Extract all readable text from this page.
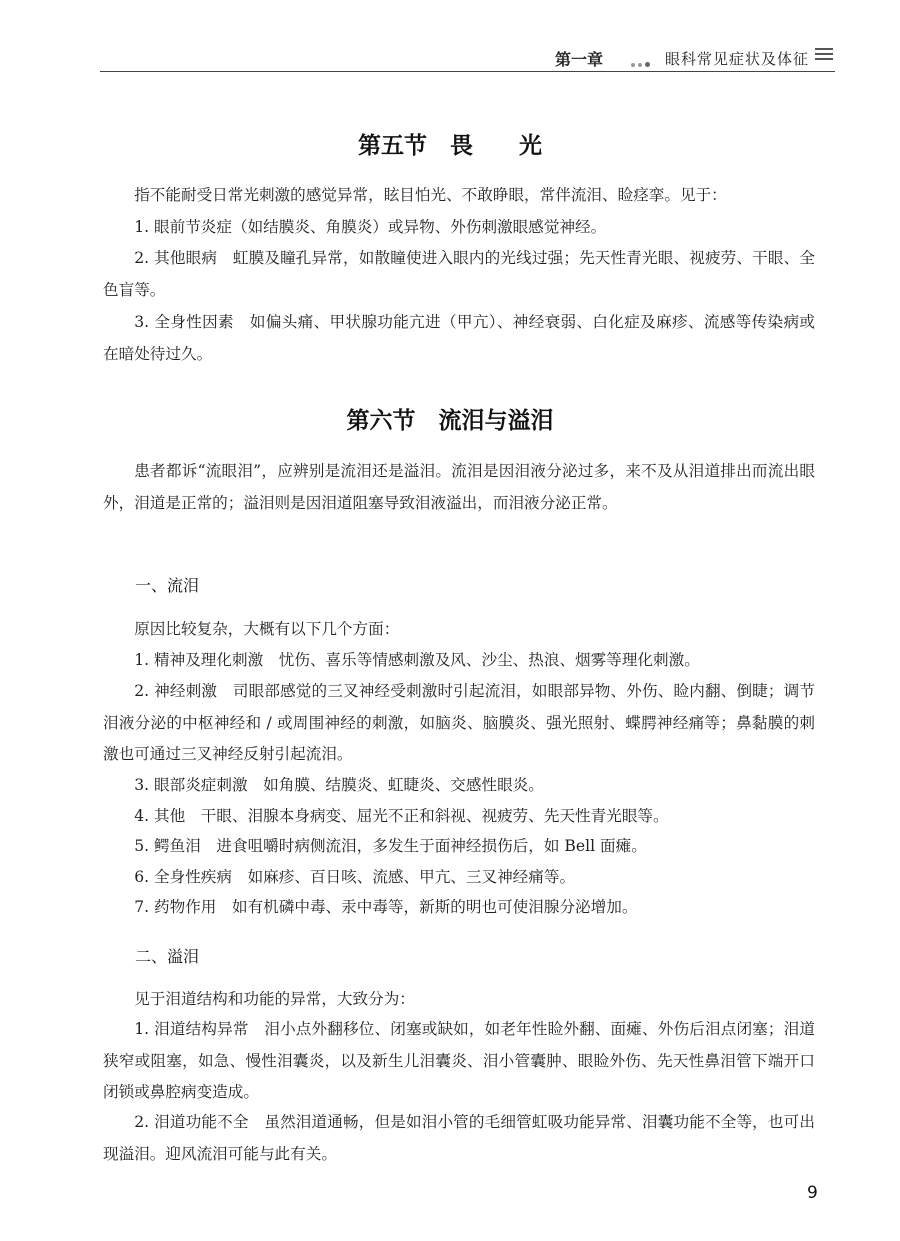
第一章	眼科常见症状及体征
第五节　畏　　光

指不能耐受日常光刺激的感觉异常，眩目怕光、不敢睁眼，常伴流泪、睑痉挛。见于：

1. 眼前节炎症（如结膜炎、角膜炎）或异物、外伤刺激眼感觉神经。

2. 其他眼病　虹膜及瞳孔异常，如散瞳使进入眼内的光线过强；先天性青光眼、视疲劳、干眼、全色盲等。

3. 全身性因素　如偏头痛、甲状腺功能亢进（甲亢）、神经衰弱、白化症及麻疹、流感等传染病或在暗处待过久。

第六节　流泪与溢泪

患者都诉“流眼泪”，应辨别是流泪还是溢泪。流泪是因泪液分泌过多，来不及从泪道排出而流出眼外，泪道是正常的；溢泪则是因泪道阻塞导致泪液溢出，而泪液分泌正常。

一、流泪

原因比较复杂，大概有以下几个方面：

1. 精神及理化刺激　忧伤、喜乐等情感刺激及风、沙尘、热浪、烟雾等理化刺激。

2. 神经刺激　司眼部感觉的三叉神经受刺激时引起流泪，如眼部异物、外伤、睑内翻、倒睫；调节泪液分泌的中枢神经和 / 或周围神经的刺激，如脑炎、脑膜炎、强光照射、蝶腭神经痛等；鼻黏膜的刺激也可通过三叉神经反射引起流泪。

3. 眼部炎症刺激　如角膜、结膜炎、虹睫炎、交感性眼炎。

4. 其他　干眼、泪腺本身病变、屈光不正和斜视、视疲劳、先天性青光眼等。

5. 鳄鱼泪　进食咀嚼时病侧流泪，多发生于面神经损伤后，如 Bell 面瘫。

6. 全身性疾病　如麻疹、百日咳、流感、甲亢、三叉神经痛等。

7. 药物作用　如有机磷中毒、汞中毒等，新斯的明也可使泪腺分泌增加。

二、溢泪

见于泪道结构和功能的异常，大致分为：

1. 泪道结构异常　泪小点外翻移位、闭塞或缺如，如老年性睑外翻、面瘫、外伤后泪点闭塞；泪道狭窄或阻塞，如急、慢性泪囊炎，以及新生儿泪囊炎、泪小管囊肿、眼睑外伤、先天性鼻泪管下端开口闭锁或鼻腔病变造成。

2. 泪道功能不全　虽然泪道通畅，但是如泪小管的毛细管虹吸功能异常、泪囊功能不全等，也可出现溢泪。迎风流泪可能与此有关。

9
